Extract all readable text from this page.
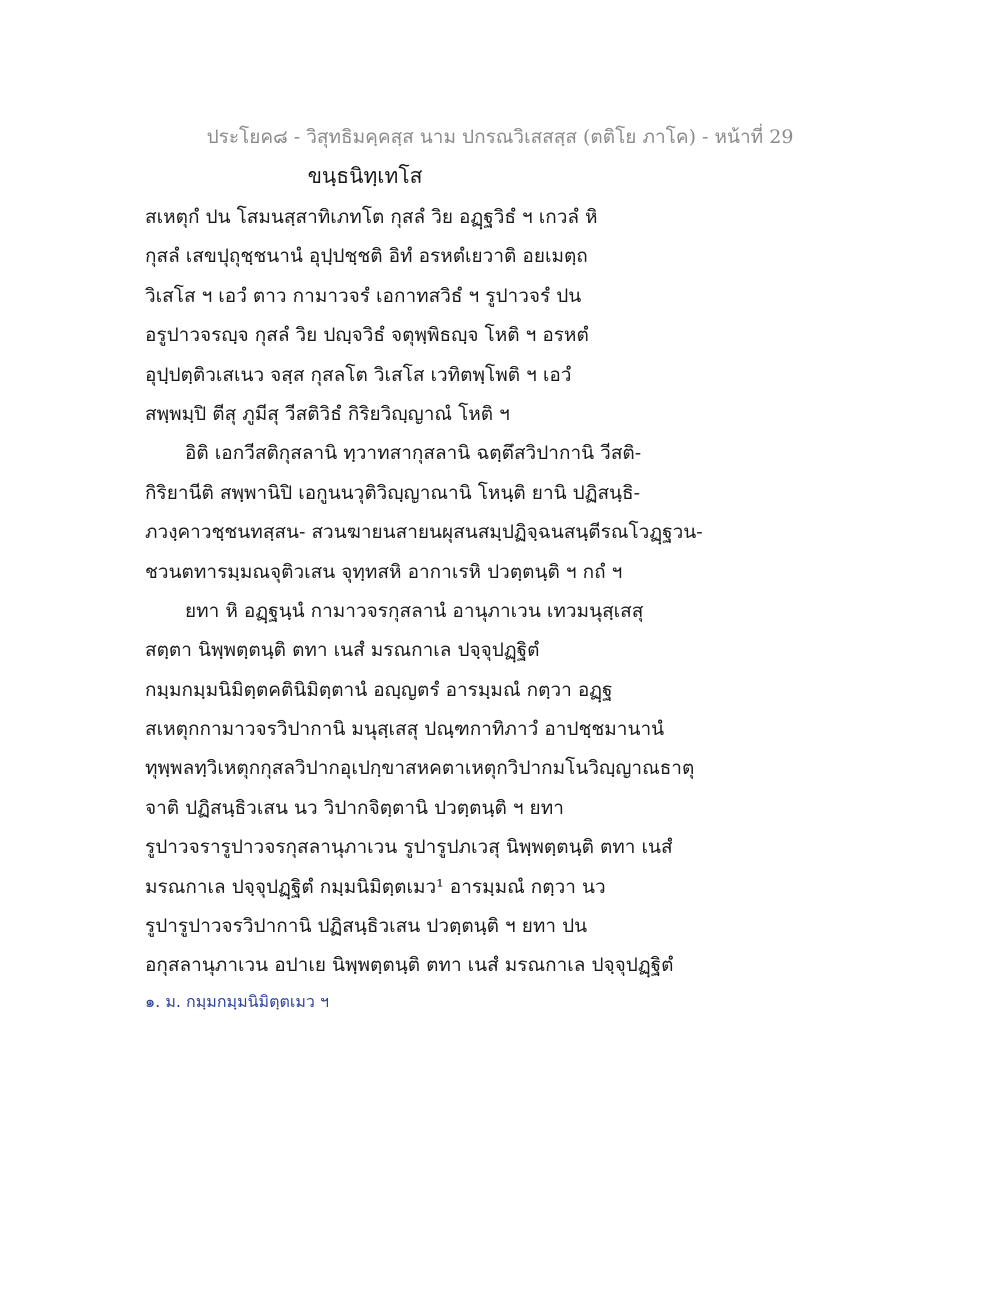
ประโยค๘ - วิสุทธิมคฺคสฺส นาม ปกรณวิเสสสฺส (ตติโย ภาโค) - หน้าที่ 29
ขนฺธนิทฺเทโส
สเหตุกํ ปน โสมนสฺสาทิเภทโต กุสลํ วิย อฏฺฐวิธํ ฯ เกวลํ หิ
กุสลํ เสขปุถุชฺชนานํ อุปฺปชฺชติ อิทํ อรหตํเยวาติ อยเมตฺถ
วิเสโส ฯ เอวํ ตาว กามาวจรํ เอกาทสวิธํ ฯ รูปาวจรํ ปน
อรูปาวจรญฺจ กุสลํ วิย ปญฺจวิธํ จตุพฺพิธญฺจ โหติ ฯ อรหตํ
อุปฺปตฺติวเสเนว จสฺส กุสลโต วิเสโส เวทิตพฺโพติ ฯ เอวํ
สพฺพมฺปิ ตีสุ ภูมีสุ วีสติวิธํ กิริยวิญฺญาณํ โหติ ฯ
อิติ เอกวีสติกุสลานิ ทฺวาทสากุสลานิ ฉตฺตึสวิปากานิ วีสติ-
กิริยานีติ สพฺพานิปิ เอกูนนวุติวิญฺญาณานิ โหนฺติ ยานิ ปฏิสนฺธิ-
ภวงฺคาวชฺชนทสฺสน- สวนฆายนสายนผุสนสมฺปฏิจฺฉนสนฺตีรณโวฏฺฐวน-
ชวนตทารมฺมณจุติวเสน จุทฺทสหิ อากาเรหิ ปวตฺตนฺติ ฯ กถํ ฯ
ยทา หิ อฏฺฐนฺนํ กามาวจรกุสลานํ อานุภาเวน เทวมนุสฺเสสุ
สตฺตา นิพฺพตฺตนฺติ ตทา เนสํ มรณกาเล ปจฺจุปฏฺฐิตํ
กมฺมกมฺมนิมิตฺตคตินิมิตฺตานํ อญฺญตรํ อารมฺมณํ กตฺวา อฏฺฐ
สเหตุกกามาวจรวิปากานิ มนุสฺเสสุ ปณฺฑกาทิภาวํ อาปชฺชมานานํ
ทุพฺพลทฺวิเหตุกกุสลวิปากอุเปกฺขาสหคตาเหตุกวิปากมโนวิญฺญาณธาตุ
จาติ ปฏิสนฺธิวเสน นว วิปากจิตฺตานิ ปวตฺตนฺติ ฯ ยทา
รูปาวจรารูปาวจรกุสลานุภาเวน รูปารูปภเวสุ นิพฺพตฺตนฺติ ตทา เนสํ
มรณกาเล ปจฺจุปฏฺฐิตํ กมฺมนิมิตฺตเมว¹ อารมฺมณํ กตฺวา นว
รูปารูปาวจรวิปากานิ ปฏิสนฺธิวเสน ปวตฺตนฺติ ฯ ยทา ปน
อกุสลานุภาเวน อปาเย นิพฺพตฺตนฺติ ตทา เนสํ มรณกาเล ปจฺจุปฏฺฐิตํ
๑. ม. กมฺมกมฺมนิมิตฺตเมว ฯ
